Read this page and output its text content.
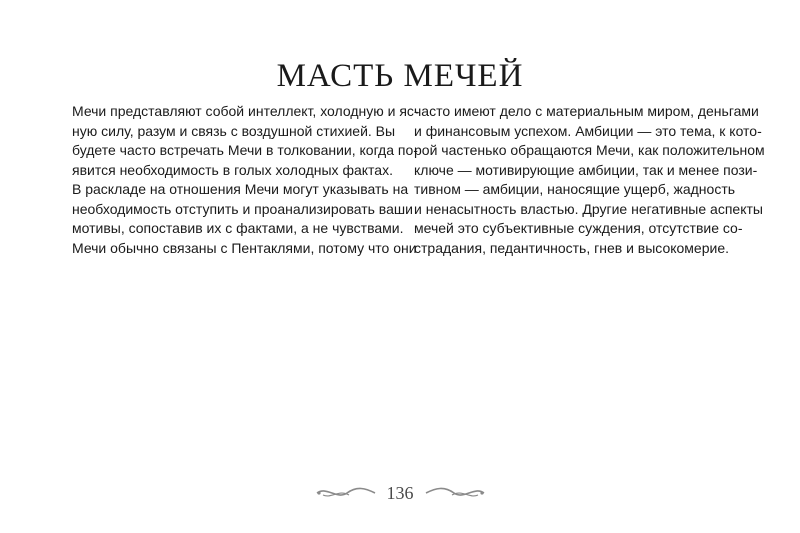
МАСТЬ МЕЧЕЙ
Мечи представляют собой интеллект, холодную и яс-
ную силу, разум и связь с воздушной стихией. Вы
будете часто встречать Мечи в толковании, когда по-
явится необходимость в голых холодных фактах.
В раскладе на отношения Мечи могут указывать на
необходимость отступить и проанализировать ваши
мотивы, сопоставив их с фактами, а не чувствами.
Мечи обычно связаны с Пентаклями, потому что они
часто имеют дело с материальным миром, деньгами
и финансовым успехом. Амбиции — это тема, к кото-
рой частенько обращаются Мечи, как положительном
ключе — мотивирующие амбиции, так и менее пози-
тивном — амбиции, наносящие ущерб, жадность
и ненасытность властью. Другие негативные аспекты
мечей это субъективные суждения, отсутствие со-
страдания, педантичность, гнев и высокомерие.
136
